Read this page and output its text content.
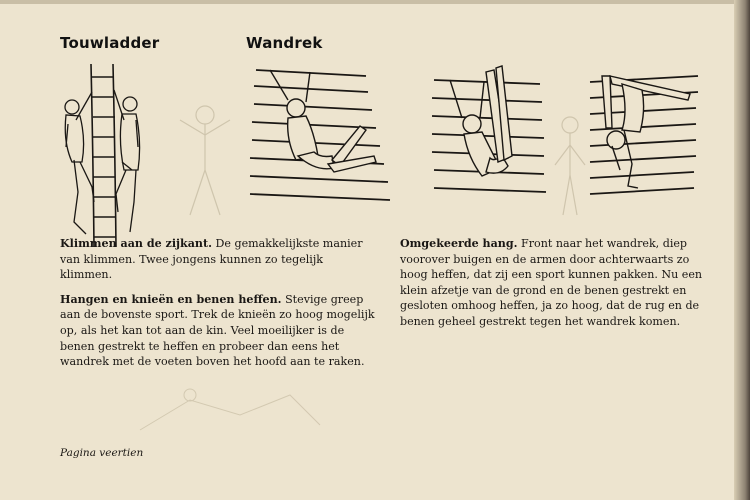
Touwladder	Wandrek

Klimmen aan de zijkant. De gemakkelijkste manier van klimmen. Twee jongens kunnen zo tegelijk klimmen.

Hangen en knieën en benen heffen. Stevige greep aan de bovenste sport. Trek de knieën zo hoog mogelijk op, als het kan tot aan de kin. Veel moeilijker is de benen gestrekt te heffen en probeer dan eens het wandrek met de voeten boven het hoofd aan te raken.

Omgekeerde hang. Front naar het wandrek, diep voorover buigen en de armen door achterwaarts zo hoog heffen, dat zij een sport kunnen pakken. Nu een klein afzetje van de grond en de benen gestrekt en gesloten omhoog heffen, ja zo hoog, dat de rug en de benen geheel gestrekt tegen het wandrek komen.

Pagina veertien
